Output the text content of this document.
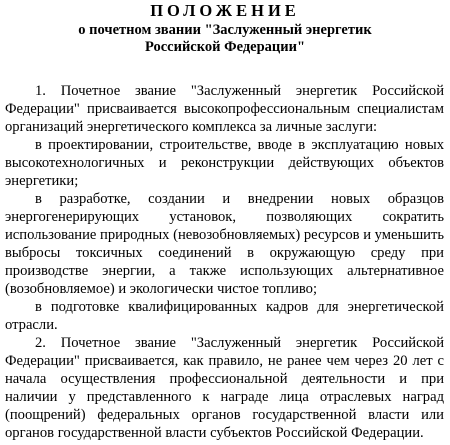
ПОЛОЖЕНИЕ
о почетном звании "Заслуженный энергетик
Российской Федерации"
1. Почетное звание "Заслуженный энергетик Российской
Федерации" присваивается высокопрофессиональным специалистам
организаций энергетического комплекса за личные заслуги:
в проектировании, строительстве, вводе в эксплуатацию новых
высокотехнологичных и реконструкции действующих объектов
энергетики;
в разработке, создании и внедрении новых образцов
энергогенерирующих установок, позволяющих сократить
использование природных (невозобновляемых) ресурсов и уменьшить
выбросы токсичных соединений в окружающую среду при
производстве энергии, а также использующих альтернативное
(возобновляемое) и экологически чистое топливо;
в подготовке квалифицированных кадров для энергетической
отрасли.
2. Почетное звание "Заслуженный энергетик Российской
Федерации" присваивается, как правило, не ранее чем через 20 лет с
начала осуществления профессиональной деятельности и при
наличии у представленного к награде лица отраслевых наград
(поощрений) федеральных органов государственной власти или
органов государственной власти субъектов Российской Федерации.
